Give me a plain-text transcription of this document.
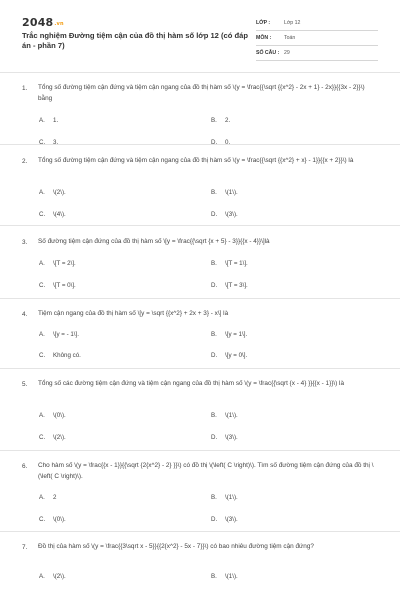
2048.vn
Trắc nghiệm Đường tiệm cận của đồ thị hàm số lớp 12 (có đáp án - phần 7)
LỚP :	Lớp 12
MÔN : Toán
SỐ CÂU : 29
1. Tổng số đường tiệm cận đứng và tiệm cận ngang của đồ thị hàm số \(y = \frac{{\sqrt {{x^2} - 2x + 1} - 2x}}{{3x - 2}}\) bằng
A. 1.	B. 2.
C. 3.	D. 0.
2. Tổng số đường tiệm cận đứng và tiệm cận ngang của đồ thị hàm số \(y = \frac{{\sqrt {{x^2} + x} - 1}}{{x + 2}}\) là
A. \(2\).	B. \(1\).
C. \(4\).	D. \(3\).
3. Số đường tiệm cận đứng của đồ thị hàm số \[y = \frac{{\sqrt {x + 5} - 3}}{{x - 4}}\]là
A. \[T = 2\].	B. \[T = 1\].
C. \[T = 0\].	D. \[T = 3\].
4. Tiệm cận ngang của đồ thị hàm số \[y = \sqrt {{x^2} + 2x + 3} - x\] là
A. \[y = - 1\].	B. \[y = 1\].
C. Không có.	D. \[y = 0\].
5. Tổng số các đường tiệm cận đứng và tiệm cận ngang của đồ thị hàm số \(y = \frac{{\sqrt {x - 4} }}{{x - 1}}\) là
A. \(0\).	B. \(1\).
C. \(2\).	D. \(3\).
6. Cho hàm số \(y = \frac{{x - 1}}{{\sqrt {2{x^2} - 2} }}\) có đồ thị \(\left( C \right)\). Tìm số đường tiệm cận đứng của đồ thị \(\left( C \right)\).
A. 2	B. \(1\).
C. \(0\).	D. \(3\).
7. Đồ thị của hàm số \(y = \frac{{3\sqrt x - 5}}{{2{x^2} - 5x - 7}}\) có bao nhiêu đường tiệm cận đứng?
A. \(2\).	B. \(1\).
